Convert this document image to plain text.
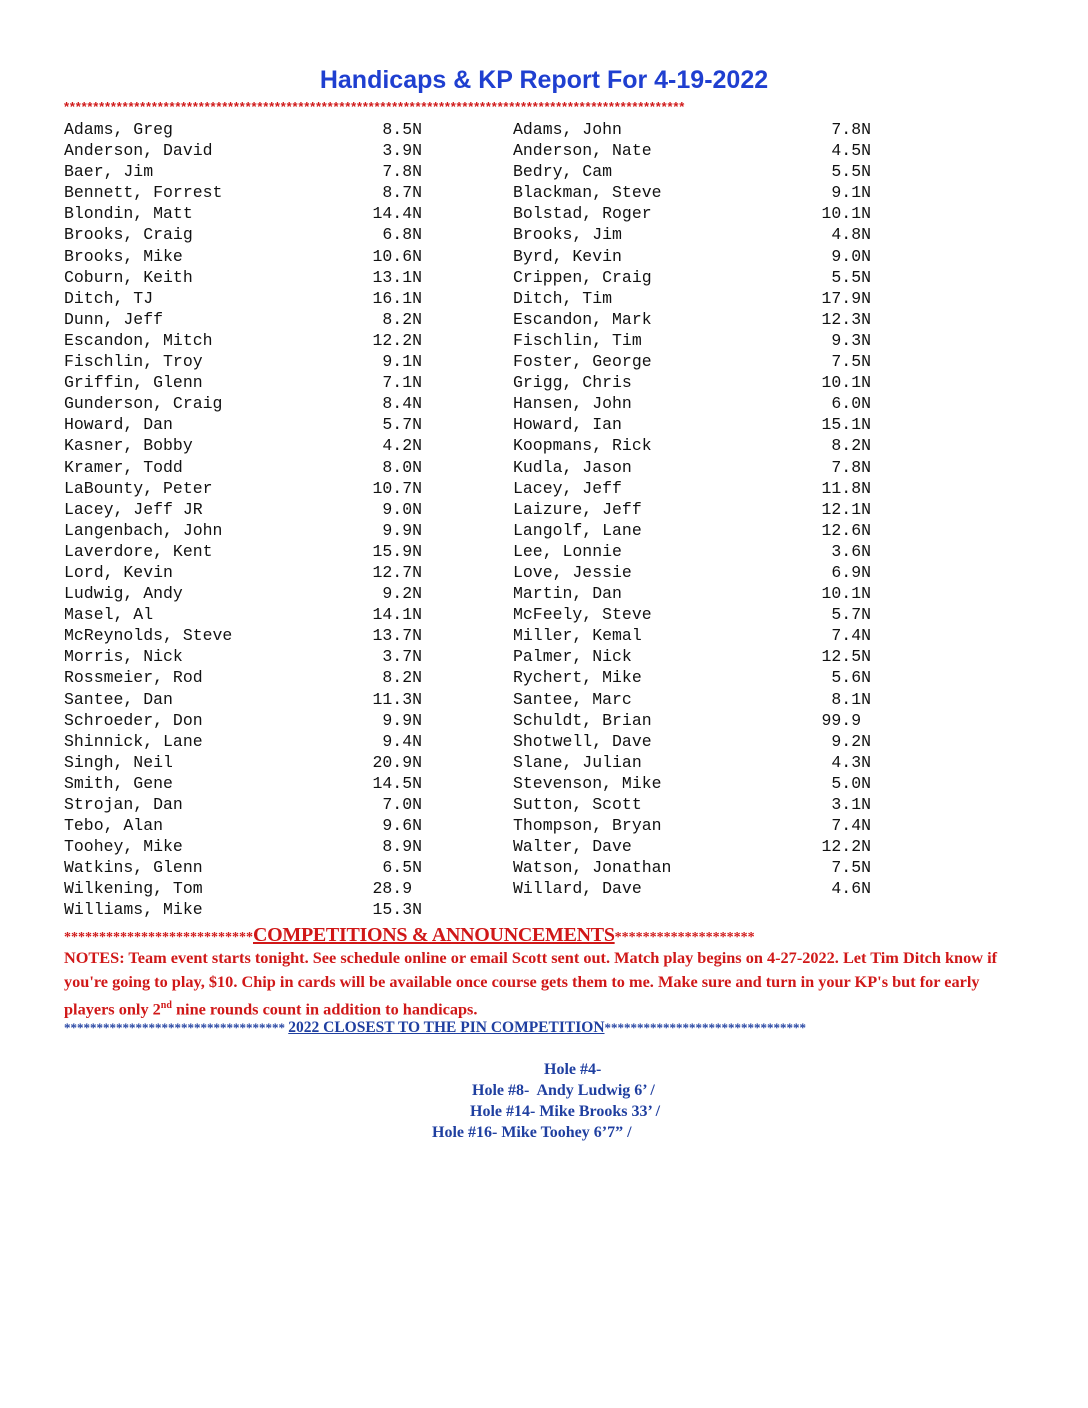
Handicaps & KP Report For 4-19-2022
**********************************************************************************************************
Adams, Greg	8.5N	Adams, John	7.8N
Anderson, David	3.9N	Anderson, Nate	4.5N
Baer, Jim	7.8N	Bedry, Cam	5.5N
Bennett, Forrest	8.7N	Blackman, Steve	9.1N
Blondin, Matt	14.4N	Bolstad, Roger	10.1N
Brooks, Craig	6.8N	Brooks, Jim	4.8N
Brooks, Mike	10.6N	Byrd, Kevin	9.0N
Coburn, Keith	13.1N	Crippen, Craig	5.5N
Ditch, TJ	16.1N	Ditch, Tim	17.9N
Dunn, Jeff	8.2N	Escandon, Mark	12.3N
Escandon, Mitch	12.2N	Fischlin, Tim	9.3N
Fischlin, Troy	9.1N	Foster, George	7.5N
Griffin, Glenn	7.1N	Grigg, Chris	10.1N
Gunderson, Craig	8.4N	Hansen, John	6.0N
Howard, Dan	5.7N	Howard, Ian	15.1N
Kasner, Bobby	4.2N	Koopmans, Rick	8.2N
Kramer, Todd	8.0N	Kudla, Jason	7.8N
LaBounty, Peter	10.7N	Lacey, Jeff	11.8N
Lacey, Jeff JR	9.0N	Laizure, Jeff	12.1N
Langenbach, John	9.9N	Langolf, Lane	12.6N
Laverdore, Kent	15.9N	Lee, Lonnie	3.6N
Lord, Kevin	12.7N	Love, Jessie	6.9N
Ludwig, Andy	9.2N	Martin, Dan	10.1N
Masel, Al	14.1N	McFeely, Steve	5.7N
McReynolds, Steve	13.7N	Miller, Kemal	7.4N
Morris, Nick	3.7N	Palmer, Nick	12.5N
Rossmeier, Rod	8.2N	Rychert, Mike	5.6N
Santee, Dan	11.3N	Santee, Marc	8.1N
Schroeder, Don	9.9N	Schuldt, Brian	99.9
Shinnick, Lane	9.4N	Shotwell, Dave	9.2N
Singh, Neil	20.9N	Slane, Julian	4.3N
Smith, Gene	14.5N	Stevenson, Mike	5.0N
Strojan, Dan	7.0N	Sutton, Scott	3.1N
Tebo, Alan	9.6N	Thompson, Bryan	7.4N
Toohey, Mike	8.9N	Walter, Dave	12.2N
Watkins, Glenn	6.5N	Watson, Jonathan	7.5N
Wilkening, Tom	28.9	Willard, Dave	4.6N
Williams, Mike	15.3N
***************************COMPETITIONS & ANNOUNCEMENTS********************
NOTES: Team event starts tonight. See schedule online or email Scott sent out. Match play begins on 4-27-2022. Let Tim Ditch know if you're going to play, $10. Chip in cards will be available once course gets them to me. Make sure and turn in your KP's but for early players only 2nd nine rounds count in addition to handicaps.
********************************** 2022 CLOSEST TO THE PIN COMPETITION*******************************
Hole #4-
Hole #8-  Andy Ludwig 6’ /
Hole #14- Mike Brooks 33’ /
Hole #16- Mike Toohey 6’7” /
